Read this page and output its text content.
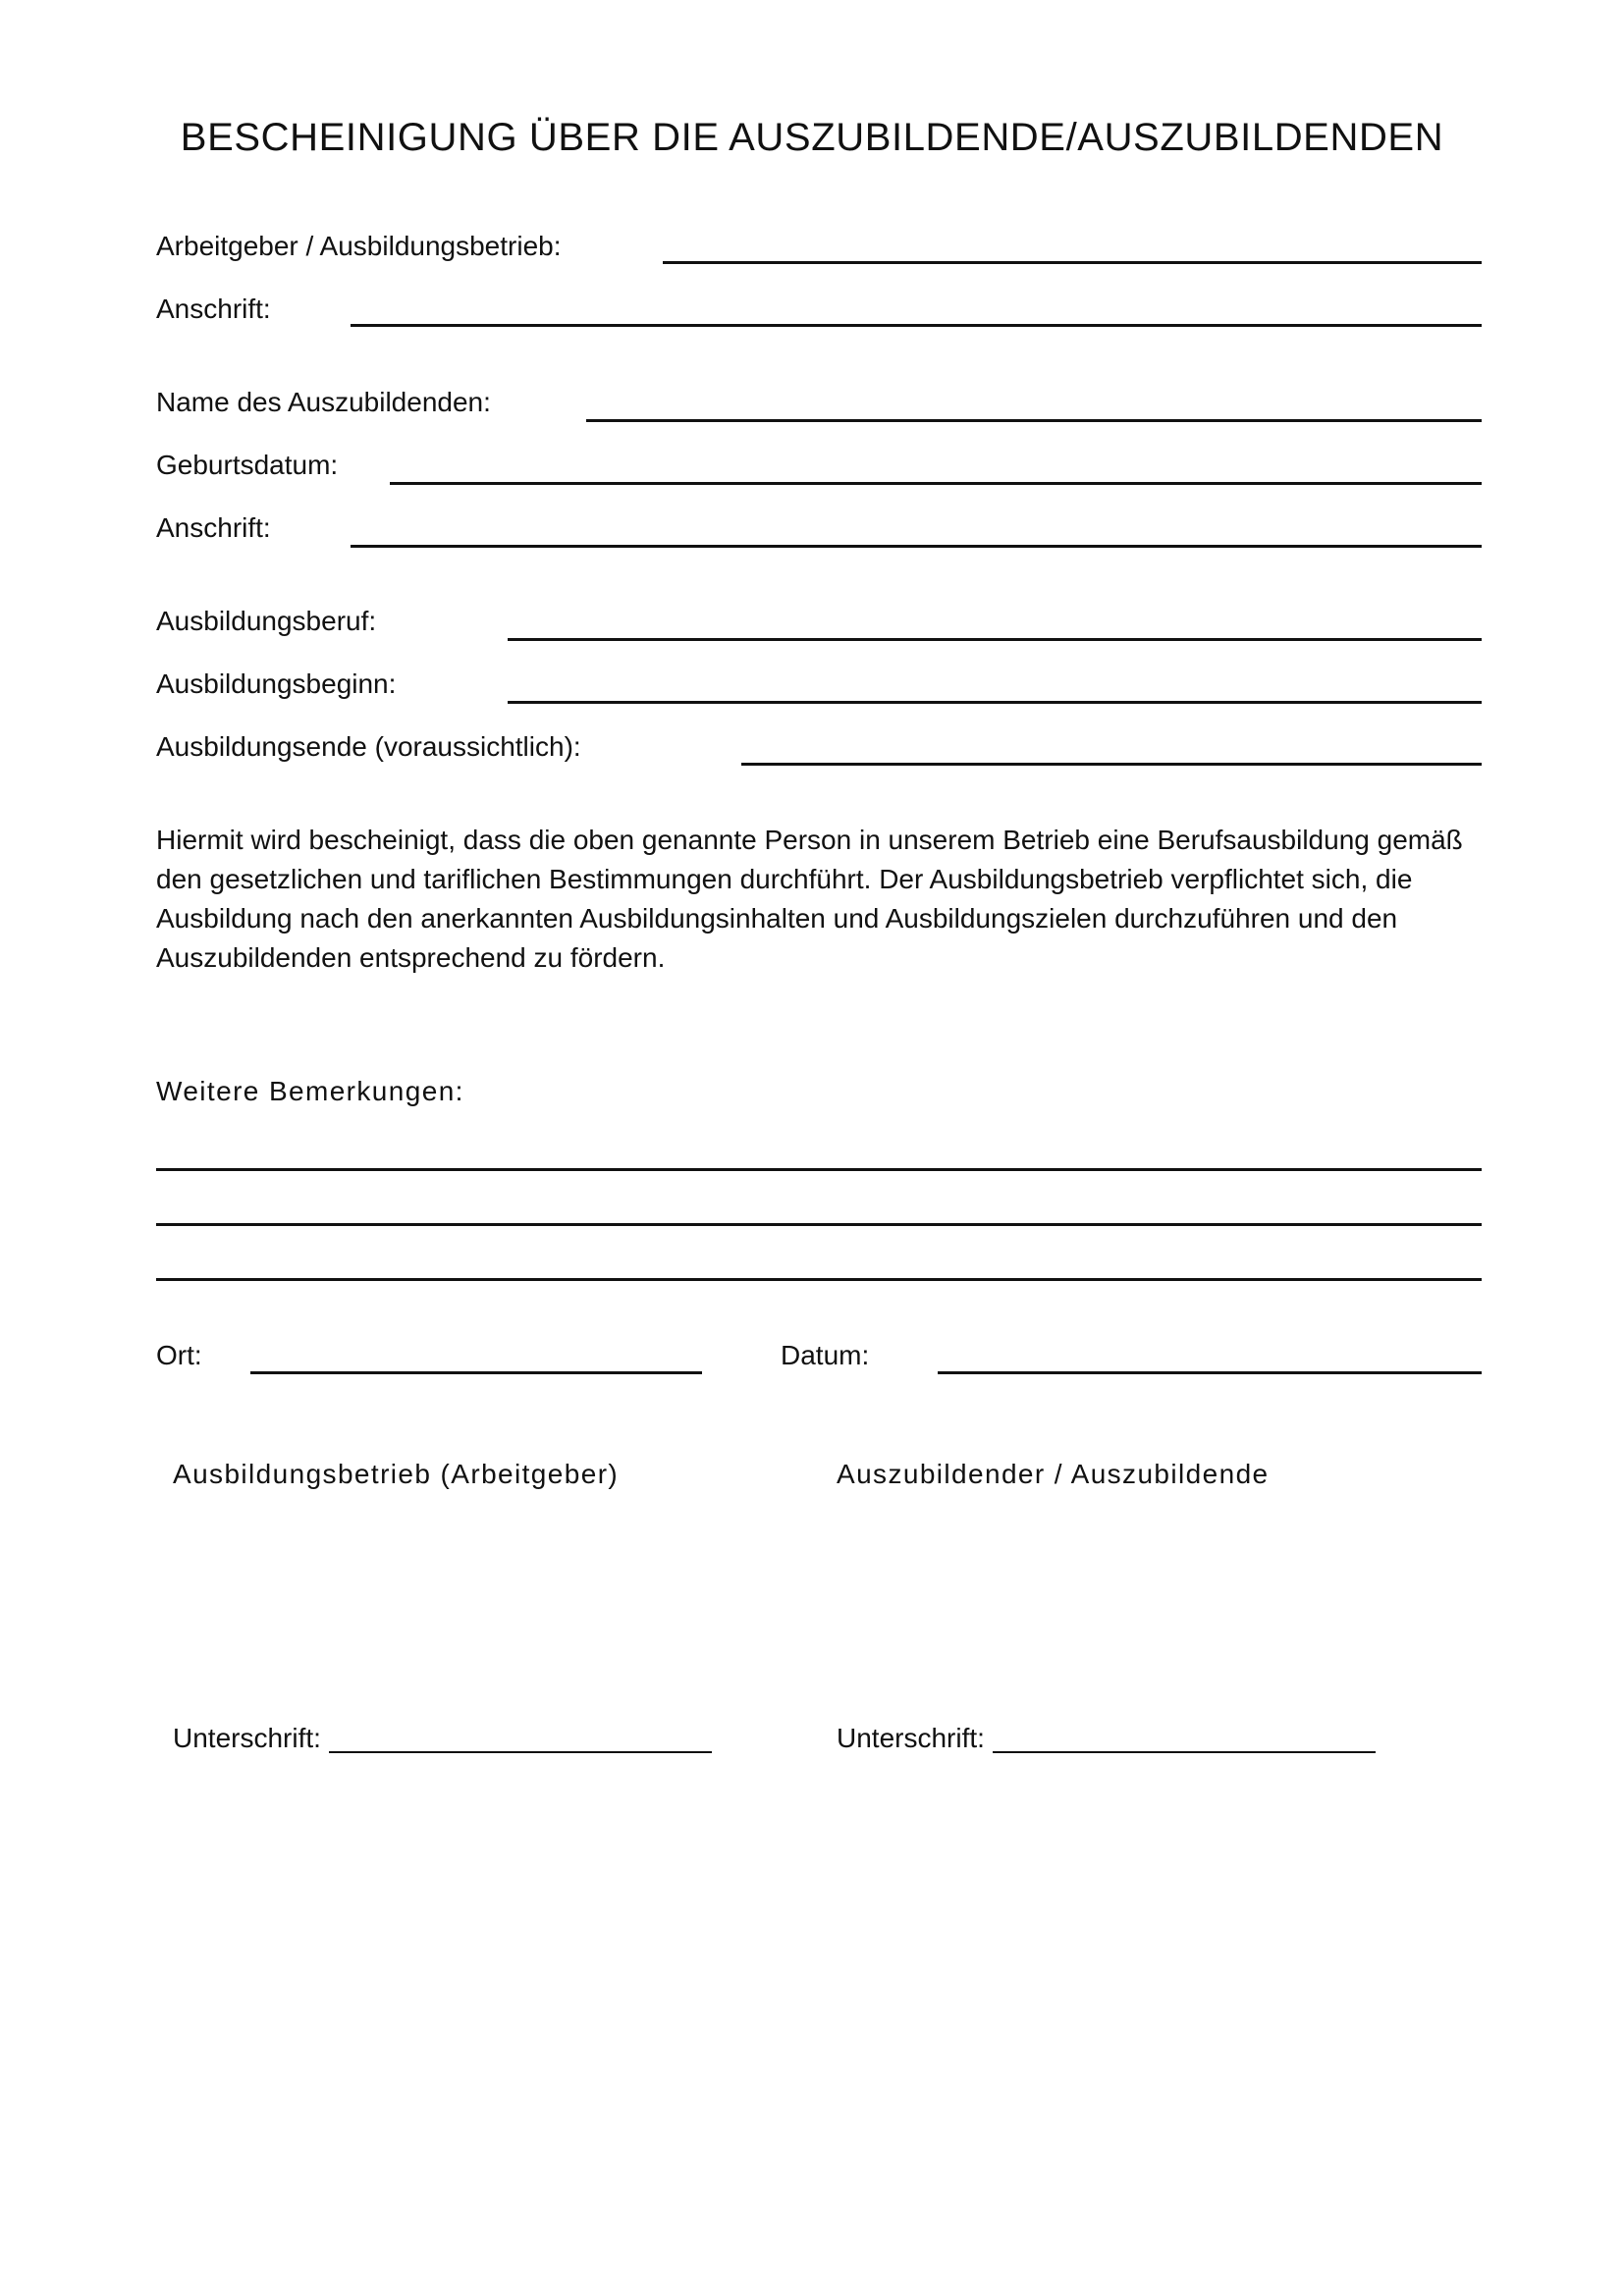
BESCHEINIGUNG ÜBER DIE AUSZUBILDENDE/AUSZUBILDENDEN
Arbeitgeber / Ausbildungsbetrieb:
Anschrift:
Name des Auszubildenden:
Geburtsdatum:
Anschrift:
Ausbildungsberuf:
Ausbildungsbeginn:
Ausbildungsende (voraussichtlich):

Hiermit wird bescheinigt, dass die oben genannte Person in unserem Betrieb eine Berufsausbildung gemäß den gesetzlichen und tariflichen Bestimmungen durchführt. Der Ausbildungsbetrieb verpflichtet sich, die Ausbildung nach den anerkannten Ausbildungsinhalten und Ausbildungszielen durchzuführen und den Auszubildenden entsprechend zu fördern.

Weitere Bemerkungen:
Ort:	Datum:
Ausbildungsbetrieb (Arbeitgeber)	Auszubildender / Auszubildende
Unterschrift:	Unterschrift:
